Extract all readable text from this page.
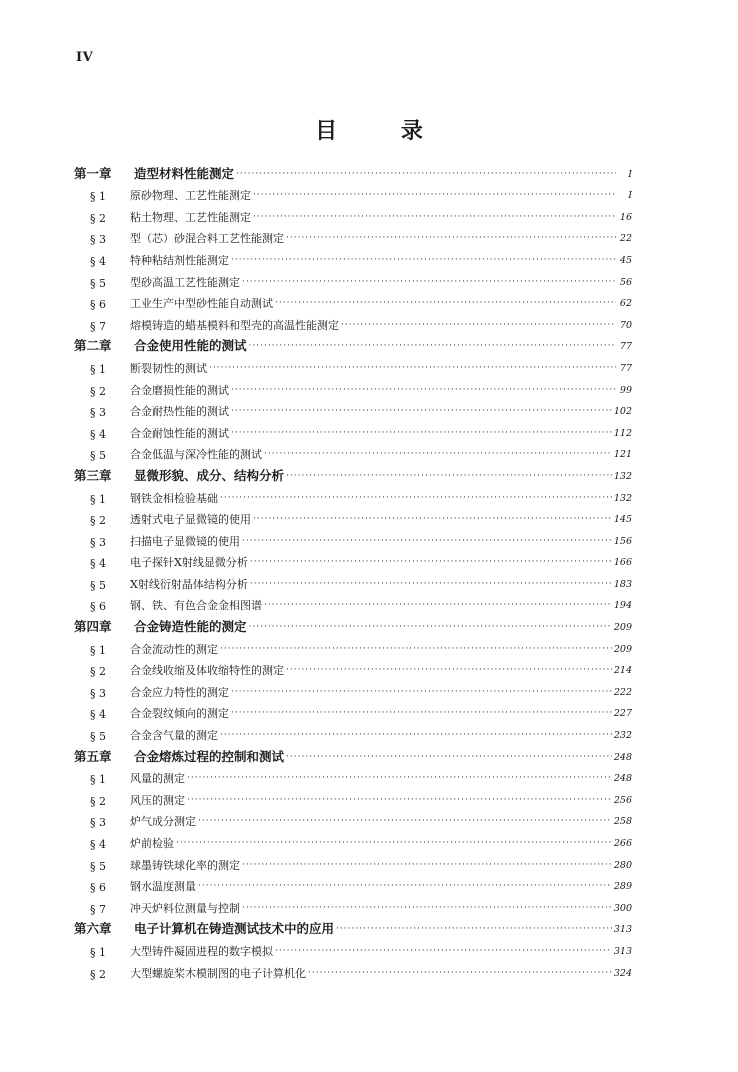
IV
目 录
第一章	造型材料性能测定 ·····	I
§ 1	原砂物理、工艺性能测定 ·····	I
§ 2	粘土物理、工艺性能测定 ·····	16
§ 3	型（芯）砂混合料工艺性能测定 ·····	22
§ 4	特种粘结剂性能测定 ·····	45
§ 5	型砂高温工艺性能测定 ·····	56
§ 6	工业生产中型砂性能自动测试 ·····	62
§ 7	熔模铸造的蜡基模料和型壳的高温性能测定 ·····	70
第二章	合金使用性能的测试 ·····	77
§ 1	断裂韧性的测试 ·····	77
§ 2	合金磨损性能的测试 ·····	99
§ 3	合金耐热性能的测试 ·····	102
§ 4	合金耐蚀性能的测试 ·····	112
§ 5	合金低温与深冷性能的测试 ·····	121
第三章	显微形貌、成分、结构分析 ·····	132
§ 1	钢铁金相检验基础 ·····	132
§ 2	透射式电子显微镜的使用 ·····	145
§ 3	扫描电子显微镜的使用 ·····	156
§ 4	电子探针X射线显微分析 ·····	166
§ 5	X射线衍射晶体结构分析 ·····	183
§ 6	钢、铁、有色合金金相图谱 ·····	194
第四章	合金铸造性能的测定 ·····	209
§ 1	合金流动性的测定 ·····	209
§ 2	合金线收缩及体收缩特性的测定 ·····	214
§ 3	合金应力特性的测定 ·····	222
§ 4	合金裂纹倾向的测定 ·····	227
§ 5	合金含气量的测定 ·····	232
第五章	合金熔炼过程的控制和测试 ·····	248
§ 1	风量的测定 ·····	248
§ 2	风压的测定 ·····	256
§ 3	炉气成分测定 ·····	258
§ 4	炉前检验 ·····	266
§ 5	球墨铸铁球化率的测定 ·····	280
§ 6	钢水温度测量 ·····	289
§ 7	冲天炉料位测量与控制 ·····	300
第六章	电子计算机在铸造测试技术中的应用 ·····	313
§ 1	大型铸件凝固进程的数字模拟 ·····	313
§ 2	大型螺旋桨木模制图的电子计算机化 ·····	324
